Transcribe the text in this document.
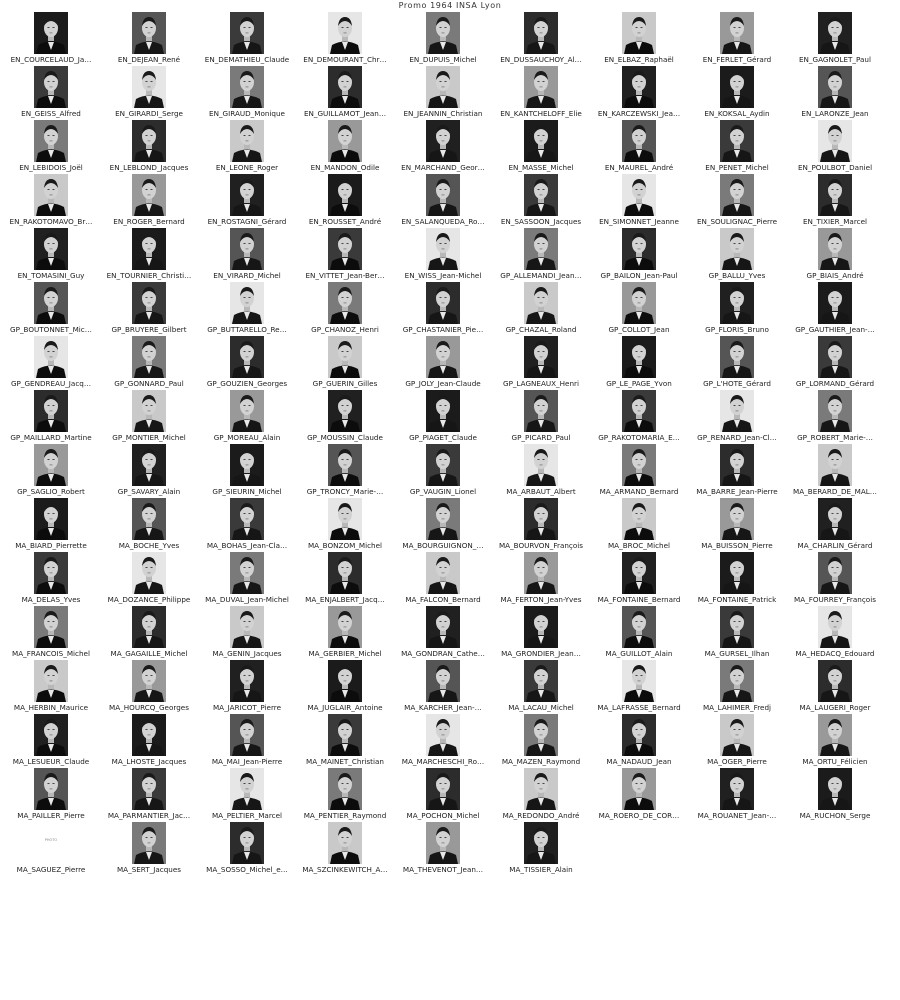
Promo 1964 INSA Lyon
EN_COURCELAUD_Ja…	EN_DEJEAN_René	EN_DEMATHIEU_Claude	EN_DEMOURANT_Chr…	EN_DUPUIS_Michel	EN_DUSSAUCHOY_Al…	EN_ELBAZ_Raphaël	EN_FERLET_Gérard	EN_GAGNOLET_Paul
EN_GEISS_Alfred	EN_GIRARDI_Serge	EN_GIRAUD_Monique	EN_GUILLAMOT_Jean…	EN_JEANNIN_Christian	EN_KANTCHELOFF_Elie	EN_KARCZEWSKI_Jea…	EN_KOKSAL_Aydin	EN_LARONZE_Jean
EN_LEBIDOIS_Joël	EN_LEBLOND_Jacques	EN_LEONE_Roger	EN_MANDON_Odile	EN_MARCHAND_Geor…	EN_MASSE_Michel	EN_MAUREL_André	EN_PENET_Michel	EN_POULBOT_Daniel
EN_RAKOTOMAVO_Br…	EN_ROGER_Bernard	EN_ROSTAGNI_Gérard	EN_ROUSSET_André	EN_SALANQUEDA_Ro…	EN_SASSOON_Jacques	EN_SIMONNET_Jeanne	EN_SOULIGNAC_Pierre	EN_TIXIER_Marcel
EN_TOMASINI_Guy	EN_TOURNIER_Christi…	EN_VIRARD_Michel	EN_VITTET_Jean-Ber…	EN_WISS_Jean-Michel	GP_ALLEMANDI_Jean…	GP_BAILON_Jean-Paul	GP_BALLU_Yves	GP_BIAIS_André
GP_BOUTONNET_Mic…	GP_BRUYERE_Gilbert	GP_BUTTARELLO_Re…	GP_CHANOZ_Henri	GP_CHASTANIER_Pie…	GP_CHAZAL_Roland	GP_COLLOT_Jean	GP_FLORIS_Bruno	GP_GAUTHIER_Jean-…
GP_GENDREAU_Jacq…	GP_GONNARD_Paul	GP_GOUZIEN_Georges	GP_GUERIN_Gilles	GP_JOLY_Jean-Claude	GP_LAGNEAUX_Henri	GP_LE_PAGE_Yvon	GP_L'HOTE_Gérard	GP_LORMAND_Gérard
GP_MAILLARD_Martine	GP_MONTIER_Michel	GP_MOREAU_Alain	GP_MOUSSIN_Claude	GP_PIAGET_Claude	GP_PICARD_Paul	GP_RAKOTOMARIA_E…	GP_RENARD_Jean-Cl…	GP_ROBERT_Marie-…
GP_SAGLIO_Robert	GP_SAVARY_Alain	GP_SIEURIN_Michel	GP_TRONCY_Marie-…	GP_VAUGIN_Lionel	MA_ARBAUT_Albert	MA_ARMAND_Bernard	MA_BARRE_Jean-Pierre	MA_BERARD_DE_MAL…
MA_BIARD_Pierrette	MA_BOCHE_Yves	MA_BOHAS_Jean-Cla…	MA_BONZOM_Michel	MA_BOURGUIGNON_…	MA_BOURVON_François	MA_BROC_Michel	MA_BUISSON_Pierre	MA_CHARLIN_Gérard
MA_DELAS_Yves	MA_DOZANCE_Philippe	MA_DUVAL_Jean-Michel	MA_ENJALBERT_Jacq…	MA_FALCON_Bernard	MA_FERTON_Jean-Yves	MA_FONTAINE_Bernard	MA_FONTAINE_Patrick	MA_FOURREY_François
MA_FRANCOIS_Michel	MA_GAGAILLE_Michel	MA_GENIN_Jacques	MA_GERBIER_Michel	MA_GONDRAN_Cathe…	MA_GRONDIER_Jean…	MA_GUILLOT_Alain	MA_GURSEL_Ilhan	MA_HEDACQ_Edouard
MA_HERBIN_Maurice	MA_HOURCQ_Georges	MA_JARICOT_Pierre	MA_JUGLAIR_Antoine	MA_KARCHER_Jean-…	MA_LACAU_Michel	MA_LAFRASSE_Bernard	MA_LAHIMER_Fredj	MA_LAUGERI_Roger
MA_LESUEUR_Claude	MA_LHOSTE_Jacques	MA_MAI_Jean-Pierre	MA_MAINET_Christian	MA_MARCHESCHI_Ro…	MA_MAZEN_Raymond	MA_NADAUD_Jean	MA_OGER_Pierre	MA_ORTU_Félicien
MA_PAILLER_Pierre	MA_PARMANTIER_Jac…	MA_PELTIER_Marcel	MA_PENTIER_Raymond	MA_POCHON_Michel	MA_REDONDO_André	MA_ROERO_DE_COR…	MA_ROUANET_Jean-…	MA_RUCHON_Serge
PHOTO
MA_SAGUEZ_Pierre	MA_SERT_Jacques	MA_SOSSO_Michel_e…	MA_SZCINKEWITCH_A…	MA_THEVENOT_Jean…	MA_TISSIER_Alain
